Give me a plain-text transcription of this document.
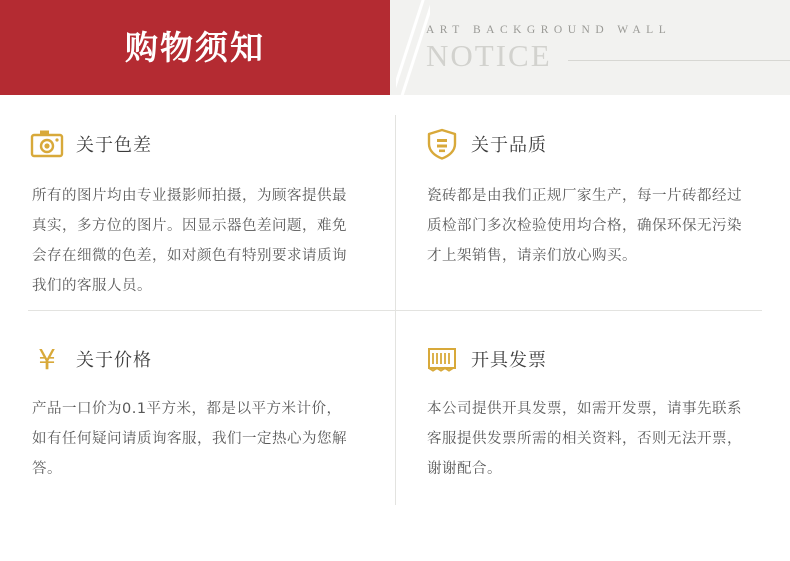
购物须知	ART BACKGROUND WALL
NOTICE
关于色差
所有的图片均由专业摄影师拍摄，为顾客提供最真实，多方位的图片。因显示器色差问题，难免会存在细微的色差，如对颜色有特别要求请质询我们的客服人员。
关于品质
瓷砖都是由我们正规厂家生产，每一片砖都经过质检部门多次检验使用均合格，确保环保无污染才上架销售，请亲们放心购买。
¥ 关于价格
产品一口价为0.1平方米，都是以平方米计价，如有任何疑问请质询客服，我们一定热心为您解答。
开具发票
本公司提供开具发票，如需开发票，请事先联系客服提供发票所需的相关资料，否则无法开票，谢谢配合。
